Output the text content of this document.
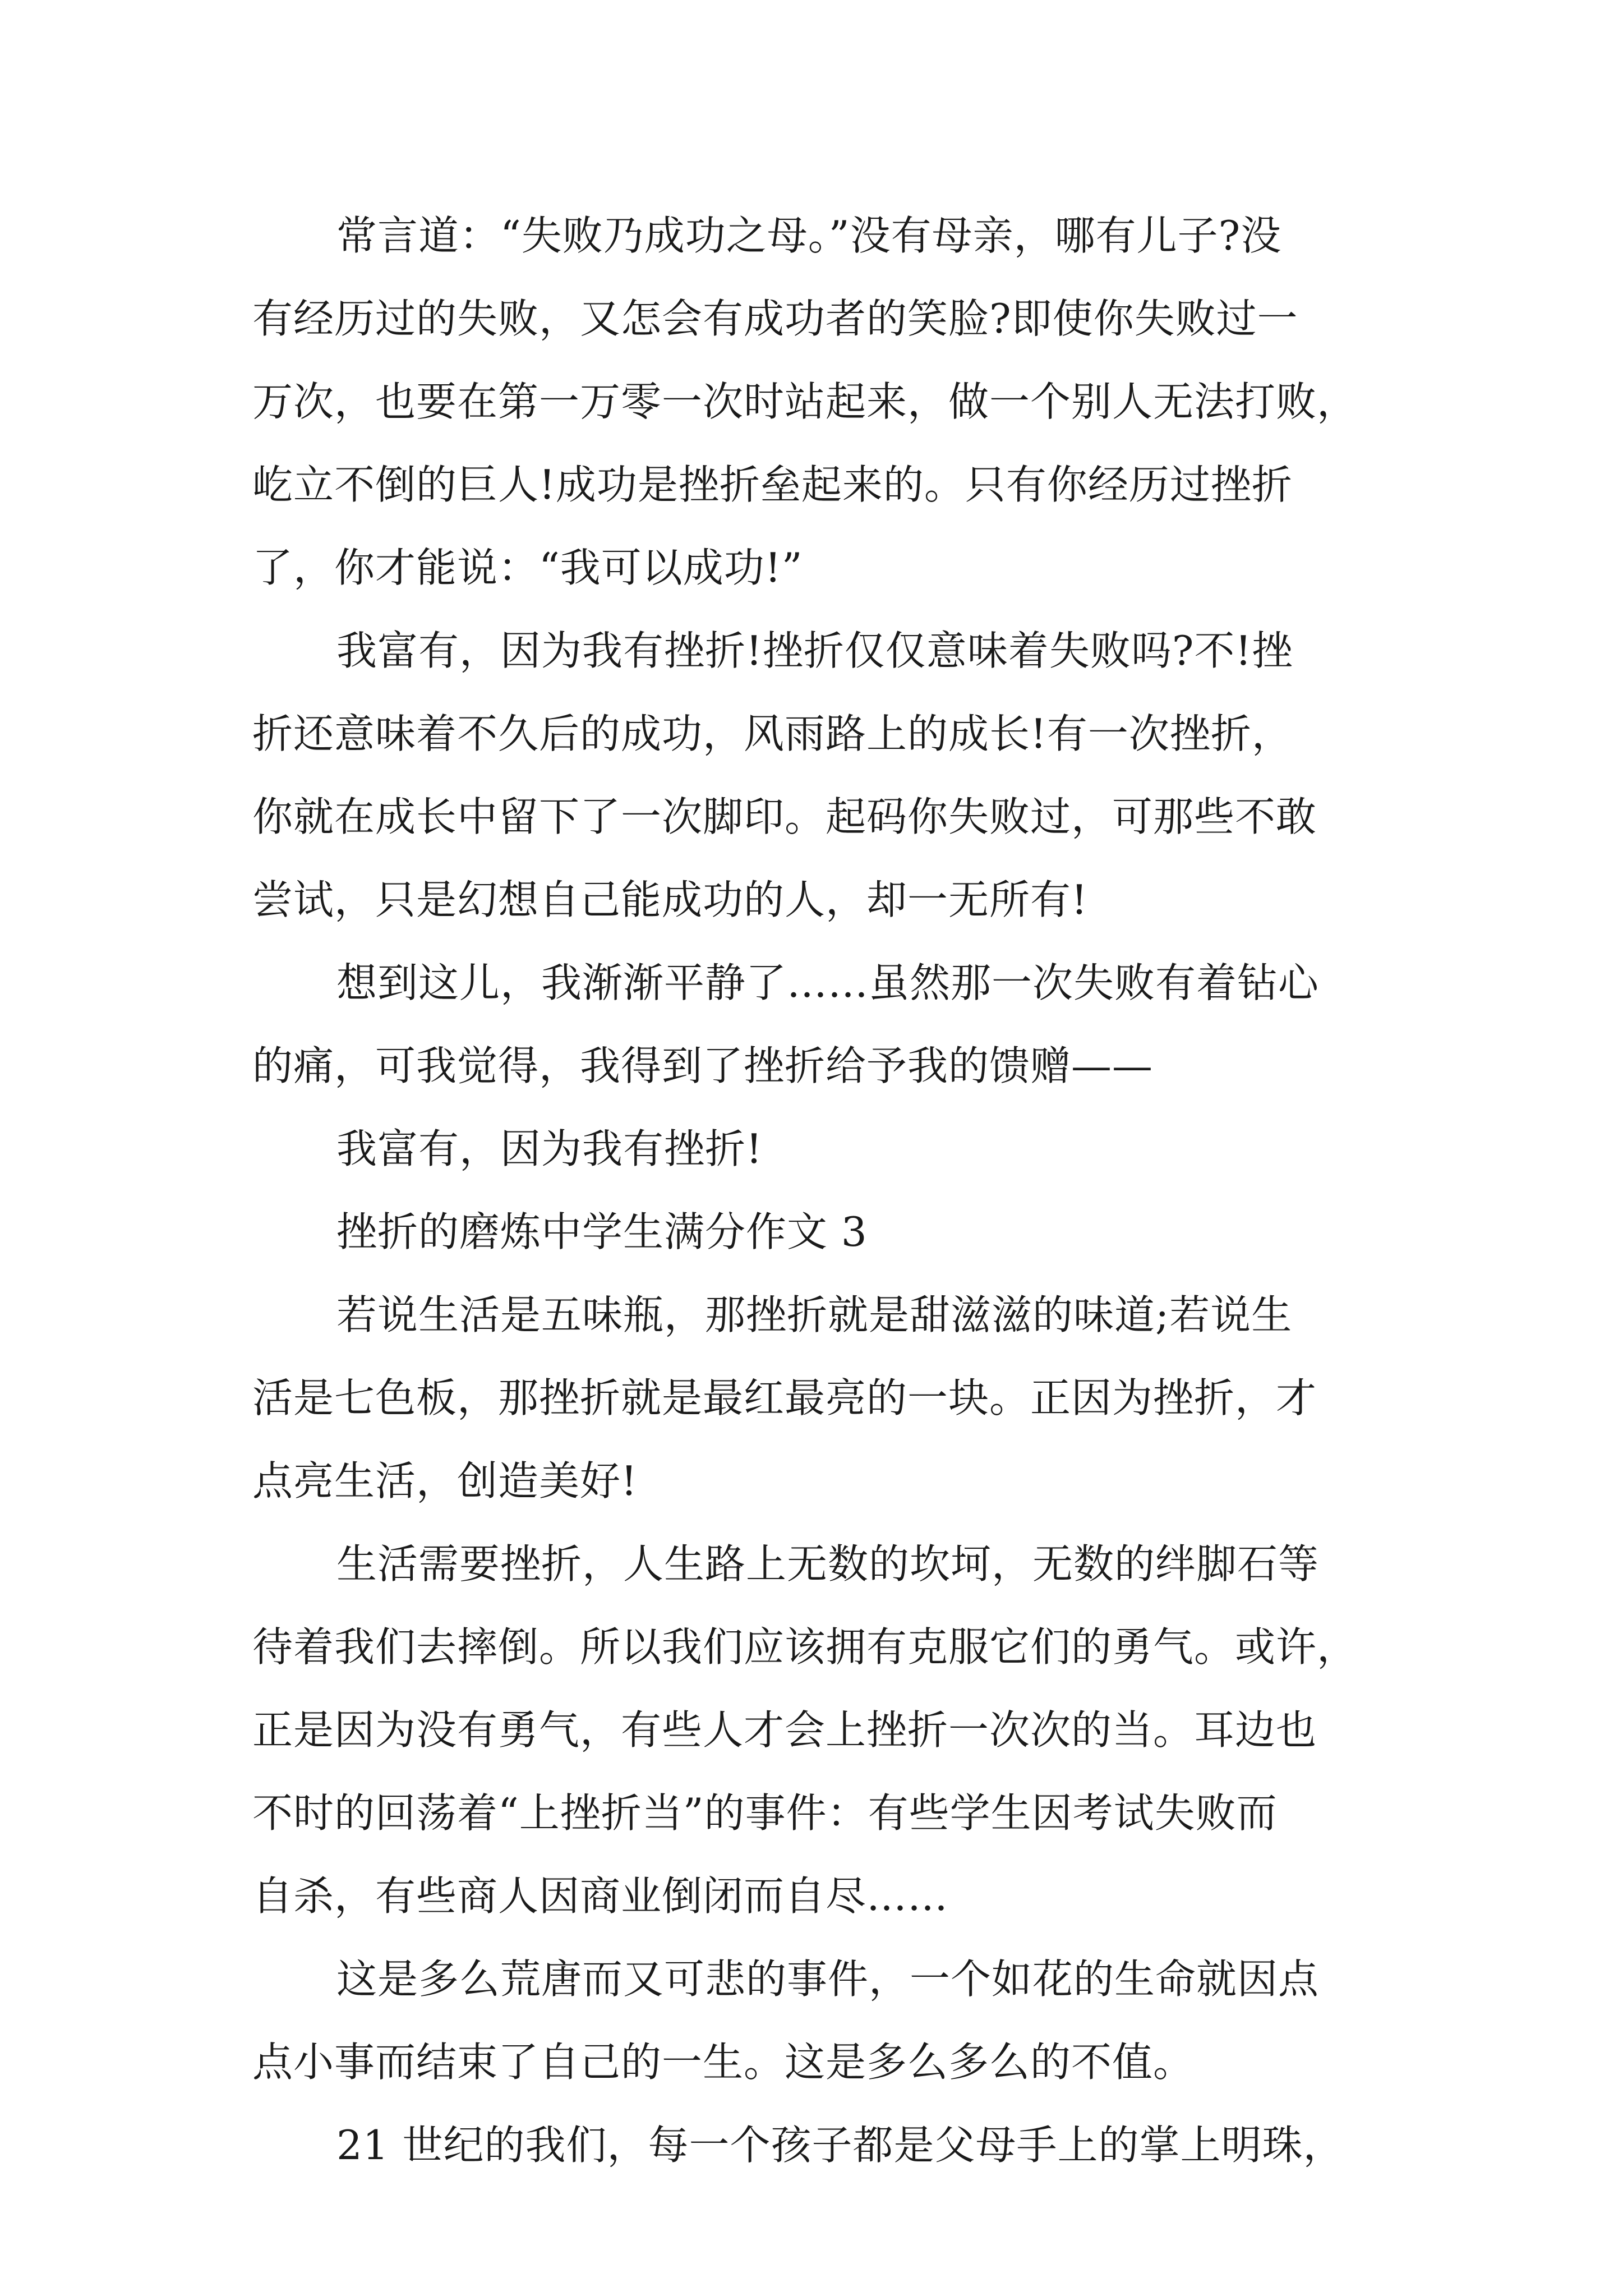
常言道：“失败乃成功之母。”没有母亲，哪有儿子?没
有经历过的失败，又怎会有成功者的笑脸?即使你失败过一
万次，也要在第一万零一次时站起来，做一个别人无法打败，
屹立不倒的巨人!成功是挫折垒起来的。只有你经历过挫折
了，你才能说：“我可以成功!”
我富有，因为我有挫折!挫折仅仅意味着失败吗?不!挫
折还意味着不久后的成功，风雨路上的成长!有一次挫折，
你就在成长中留下了一次脚印。起码你失败过，可那些不敢
尝试，只是幻想自己能成功的人，却一无所有!
想到这儿，我渐渐平静了……虽然那一次失败有着钻心
的痛，可我觉得，我得到了挫折给予我的馈赠——
我富有，因为我有挫折!
挫折的磨炼中学生满分作文 3
若说生活是五味瓶，那挫折就是甜滋滋的味道;若说生
活是七色板，那挫折就是最红最亮的一块。正因为挫折，才
点亮生活，创造美好!
生活需要挫折，人生路上无数的坎坷，无数的绊脚石等
待着我们去摔倒。所以我们应该拥有克服它们的勇气。或许，
正是因为没有勇气，有些人才会上挫折一次次的当。耳边也
不时的回荡着“上挫折当”的事件：有些学生因考试失败而
自杀，有些商人因商业倒闭而自尽……
这是多么荒唐而又可悲的事件，一个如花的生命就因点
点小事而结束了自己的一生。这是多么多么的不值。
21 世纪的我们，每一个孩子都是父母手上的掌上明珠，
